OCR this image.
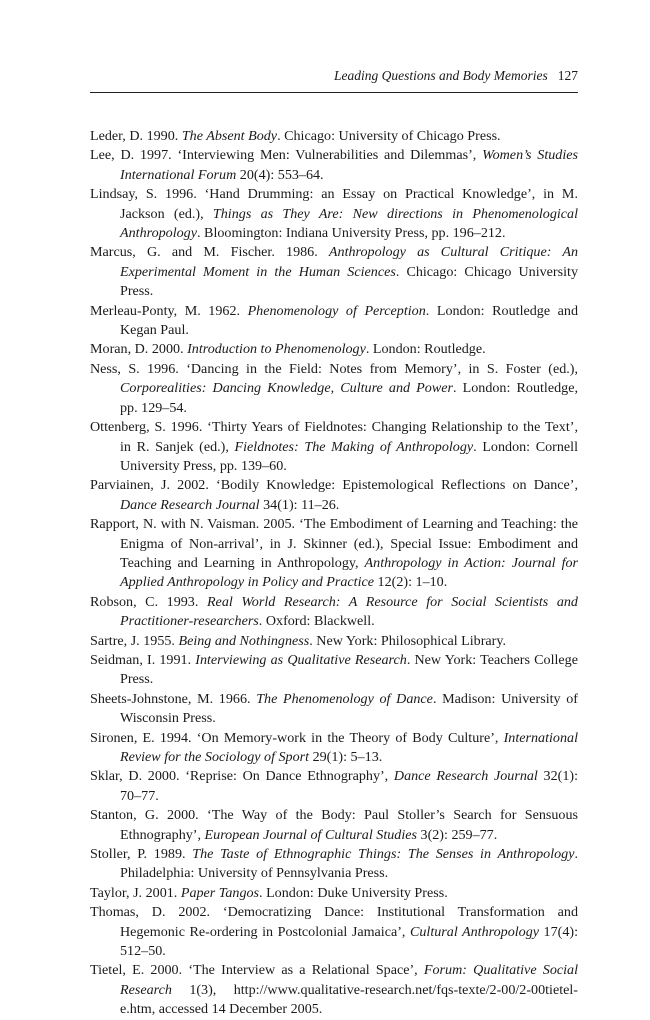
Leading Questions and Body Memories 127
Leder, D. 1990. The Absent Body. Chicago: University of Chicago Press.
Lee, D. 1997. ‘Interviewing Men: Vulnerabilities and Dilemmas’, Women’s Studies International Forum 20(4): 553–64.
Lindsay, S. 1996. ‘Hand Drumming: an Essay on Practical Knowledge’, in M. Jackson (ed.), Things as They Are: New directions in Phenomenological Anthropology. Bloomington: Indiana University Press, pp. 196–212.
Marcus, G. and M. Fischer. 1986. Anthropology as Cultural Critique: An Experimental Moment in the Human Sciences. Chicago: Chicago University Press.
Merleau-Ponty, M. 1962. Phenomenology of Perception. London: Routledge and Kegan Paul.
Moran, D. 2000. Introduction to Phenomenology. London: Routledge.
Ness, S. 1996. ‘Dancing in the Field: Notes from Memory’, in S. Foster (ed.), Corporealities: Dancing Knowledge, Culture and Power. London: Routledge, pp. 129–54.
Ottenberg, S. 1996. ‘Thirty Years of Fieldnotes: Changing Relationship to the Text’, in R. Sanjek (ed.), Fieldnotes: The Making of Anthropology. London: Cornell University Press, pp. 139–60.
Parviainen, J. 2002. ‘Bodily Knowledge: Epistemological Reflections on Dance’, Dance Research Journal 34(1): 11–26.
Rapport, N. with N. Vaisman. 2005. ‘The Embodiment of Learning and Teaching: the Enigma of Non-arrival’, in J. Skinner (ed.), Special Issue: Embodiment and Teaching and Learning in Anthropology, Anthropology in Action: Journal for Applied Anthropology in Policy and Practice 12(2): 1–10.
Robson, C. 1993. Real World Research: A Resource for Social Scientists and Practitioner-researchers. Oxford: Blackwell.
Sartre, J. 1955. Being and Nothingness. New York: Philosophical Library.
Seidman, I. 1991. Interviewing as Qualitative Research. New York: Teachers College Press.
Sheets-Johnstone, M. 1966. The Phenomenology of Dance. Madison: University of Wisconsin Press.
Sironen, E. 1994. ‘On Memory-work in the Theory of Body Culture’, International Review for the Sociology of Sport 29(1): 5–13.
Sklar, D. 2000. ‘Reprise: On Dance Ethnography’, Dance Research Journal 32(1): 70–77.
Stanton, G. 2000. ‘The Way of the Body: Paul Stoller’s Search for Sensuous Ethnography’, European Journal of Cultural Studies 3(2): 259–77.
Stoller, P. 1989. The Taste of Ethnographic Things: The Senses in Anthropology. Philadelphia: University of Pennsylvania Press.
Taylor, J. 2001. Paper Tangos. London: Duke University Press.
Thomas, D. 2002. ‘Democratizing Dance: Institutional Transformation and Hegemonic Re-ordering in Postcolonial Jamaica’, Cultural Anthropology 17(4): 512–50.
Tietel, E. 2000. ‘The Interview as a Relational Space’, Forum: Qualitative Social Research 1(3), http://www.qualitative-research.net/fqs-texte/2-00/2-00tietel-e.htm, accessed 14 December 2005.
